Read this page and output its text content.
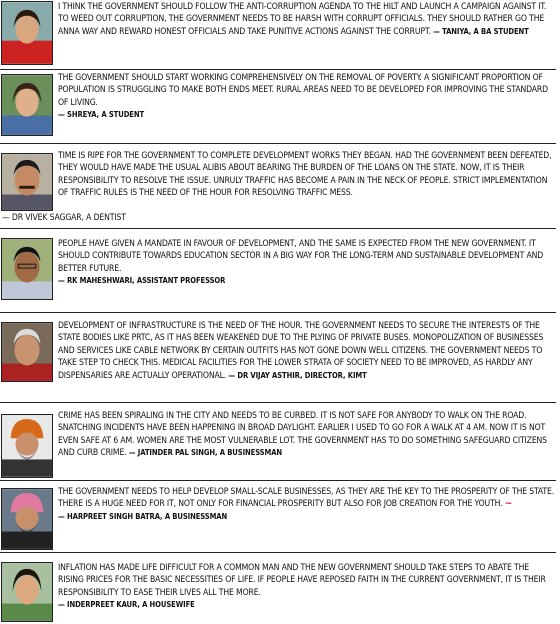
I THINK THE GOVERNMENT SHOULD FOLLOW THE ANTI-CORRUPTION AGENDA TO THE HILT AND LAUNCH A CAMPAIGN AGAINST IT. TO WEED OUT CORRUPTION, THE GOVERNMENT NEEDS TO BE HARSH WITH CORRUPT OFFICIALS. THEY SHOULD RATHER GO THE ANNA WAY AND REWARD HONEST OFFICIALS AND TAKE PUNITIVE ACTIONS AGAINST THE CORRUPT. — TANIYA, A BA STUDENT
THE GOVERNMENT SHOULD START WORKING COMPREHENSIVELY ON THE REMOVAL OF POVERTY. A SIGNIFICANT PROPORTION OF POPULATION IS STRUGGLING TO MAKE BOTH ENDS MEET. RURAL AREAS NEED TO BE DEVELOPED FOR IMPROVING THE STANDARD OF LIVING.
— SHREYA, A STUDENT
TIME IS RIPE FOR THE GOVERNMENT TO COMPLETE DEVELOPMENT WORKS THEY BEGAN. HAD THE GOVERNMENT BEEN DEFEATED, THEY WOULD HAVE MADE THE USUAL ALIBIS ABOUT BEARING THE BURDEN OF THE LOANS ON THE STATE. NOW, IT IS THEIR RESPONSIBILITY TO RESOLVE THE ISSUE. UNRULY TRAFFIC HAS BECOME A PAIN IN THE NECK OF PEOPLE. STRICT IMPLEMENTATION OF TRAFFIC RULES IS THE NEED OF THE HOUR FOR RESOLVING TRAFFIC MESS.
— DR VIVEK SAGGAR, A DENTIST
PEOPLE HAVE GIVEN A MANDATE IN FAVOUR OF DEVELOPMENT, AND THE SAME IS EXPECTED FROM THE NEW GOVERNMENT. IT SHOULD CONTRIBUTE TOWARDS EDUCATION SECTOR IN A BIG WAY FOR THE LONG-TERM AND SUSTAINABLE DEVELOPMENT AND BETTER FUTURE.
— RK MAHESHWARI, ASSISTANT PROFESSOR
DEVELOPMENT OF INFRASTRUCTURE IS THE NEED OF THE HOUR. THE GOVERNMENT NEEDS TO SECURE THE INTERESTS OF THE STATE BODIES LIKE PRTC, AS IT HAS BEEN WEAKENED DUE TO THE PLYING OF PRIVATE BUSES. MONOPOLIZATION OF BUSINESSES AND SERVICES LIKE CABLE NETWORK BY CERTAIN OUTFITS HAS NOT GONE DOWN WELL CITIZENS. THE GOVERNMENT NEEDS TO TAKE STEP TO CHECK THIS. MEDICAL FACILITIES FOR THE LOWER STRATA OF SOCIETY NEED TO BE IMPROVED, AS HARDLY ANY DISPENSARIES ARE ACTUALLY OPERATIONAL. — DR VIJAY ASTHIR, DIRECTOR, KIMT
CRIME HAS BEEN SPIRALING IN THE CITY AND NEEDS TO BE CURBED. IT IS NOT SAFE FOR ANYBODY TO WALK ON THE ROAD. SNATCHING INCIDENTS HAVE BEEN HAPPENING IN BROAD DAYLIGHT. EARLIER I USED TO GO FOR A WALK AT 4 AM. NOW IT IS NOT EVEN SAFE AT 6 AM. WOMEN ARE THE MOST VULNERABLE LOT. THE GOVERNMENT HAS TO DO SOMETHING SAFEGUARD CITIZENS AND CURB CRIME. — JATINDER PAL SINGH, A BUSINESSMAN
THE GOVERNMENT NEEDS TO HELP DEVELOP SMALL-SCALE BUSINESSES, AS THEY ARE THE KEY TO THE PROSPERITY OF THE STATE. THERE IS A HUGE NEED FOR IT, NOT ONLY FOR FINANCIAL PROSPERITY BUT ALSO FOR JOB CREATION FOR THE YOUTH. ~
— HARPREET SINGH BATRA, A BUSINESSMAN
INFLATION HAS MADE LIFE DIFFICULT FOR A COMMON MAN AND THE NEW GOVERNMENT SHOULD TAKE STEPS TO ABATE THE RISING PRICES FOR THE BASIC NECESSITIES OF LIFE. IF PEOPLE HAVE REPOSED FAITH IN THE CURRENT GOVERNMENT, IT IS THEIR RESPONSIBILITY TO EASE THEIR LIVES ALL THE MORE.
— INDERPREET KAUR, A HOUSEWIFE
